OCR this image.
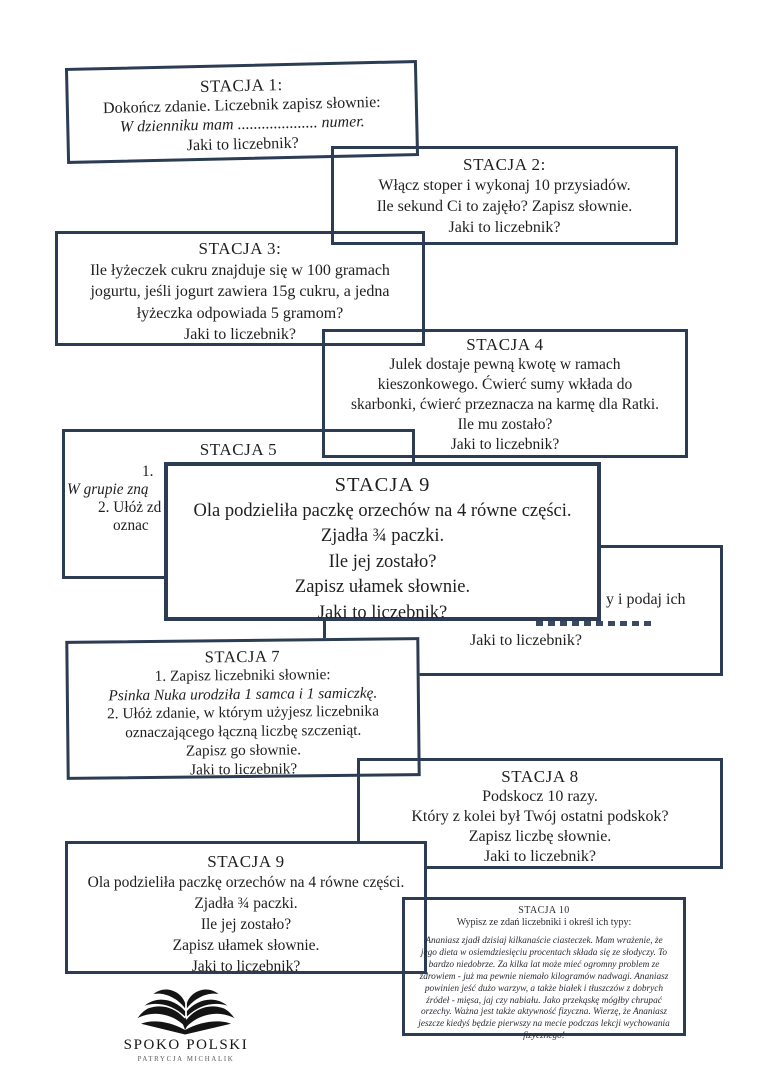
STACJA 1:
Dokończ zdanie. Liczebnik zapisz słownie:
W dzienniku mam .................... numer.
Jaki to liczebnik?
STACJA 2:
Włącz stoper i wykonaj 10 przysiadów.
Ile sekund Ci to zajęło? Zapisz słownie.
Jaki to liczebnik?
STACJA 3:
Ile łyżeczek cukru znajduje się w 100 gramach
jogurtu, jeśli jogurt zawiera 15g cukru, a jedna
łyżeczka odpowiada 5 gramom?
Jaki to liczebnik?
STACJA 4
Julek dostaje pewną kwotę w ramach
kieszonkowego. Ćwierć sumy wkłada do
skarbonki, ćwierć przeznacza na karmę dla Ratki.
Ile mu zostało?
Jaki to liczebnik?
STACJA 5
1.
W grupie zną
2. Ułóż zd
oznac
y i podaj ich
Jaki to liczebnik?
STACJA 7
1. Zapisz liczebniki słownie:
Psinka Nuka urodziła 1 samca i 1 samiczkę.
2. Ułóż zdanie, w którym użyjesz liczebnika
oznaczającego łączną liczbę szczeniąt.
Zapisz go słownie.
Jaki to liczebnik?	STACJA 8
Podskocz 10 razy.
Który z kolei był Twój ostatni podskok?
Zapisz liczbę słownie.
Jaki to liczebnik?
STACJA 9
Ola podzieliła paczkę orzechów na 4 równe części.
Zjadła ¾ paczki.
Ile jej zostało?
Zapisz ułamek słownie.
Jaki to liczebnik?
STACJA 10
Wypisz ze zdań liczebniki i określ ich typy:
Ananiasz zjadł dzisiaj kilkanaście ciasteczek. Mam wrażenie, że jego dieta w osiemdziesięciu procentach składa się ze słodyczy. To bardzo niedobrze. Za kilka lat może mieć ogromny problem ze zdrowiem - już ma pewnie niemało kilogramów nadwagi. Ananiasz powinien jeść dużo warzyw, a także białek i tłuszczów z dobrych źródeł - mięsa, jaj czy nabiału. Jako przekąskę mógłby chrupać orzechy. Ważna jest także aktywność fizyczna. Wierzę, że Ananiasz jeszcze kiedyś będzie pierwszy na mecie podczas lekcji wychowania fizycznego!
STACJA 9
Ola podzieliła paczkę orzechów na 4 równe części.
Zjadła ¾ paczki.
Ile jej zostało?
Zapisz ułamek słownie.
Jaki to liczebnik?
SPOKO POLSKI
PATRYCJA MICHALIK
